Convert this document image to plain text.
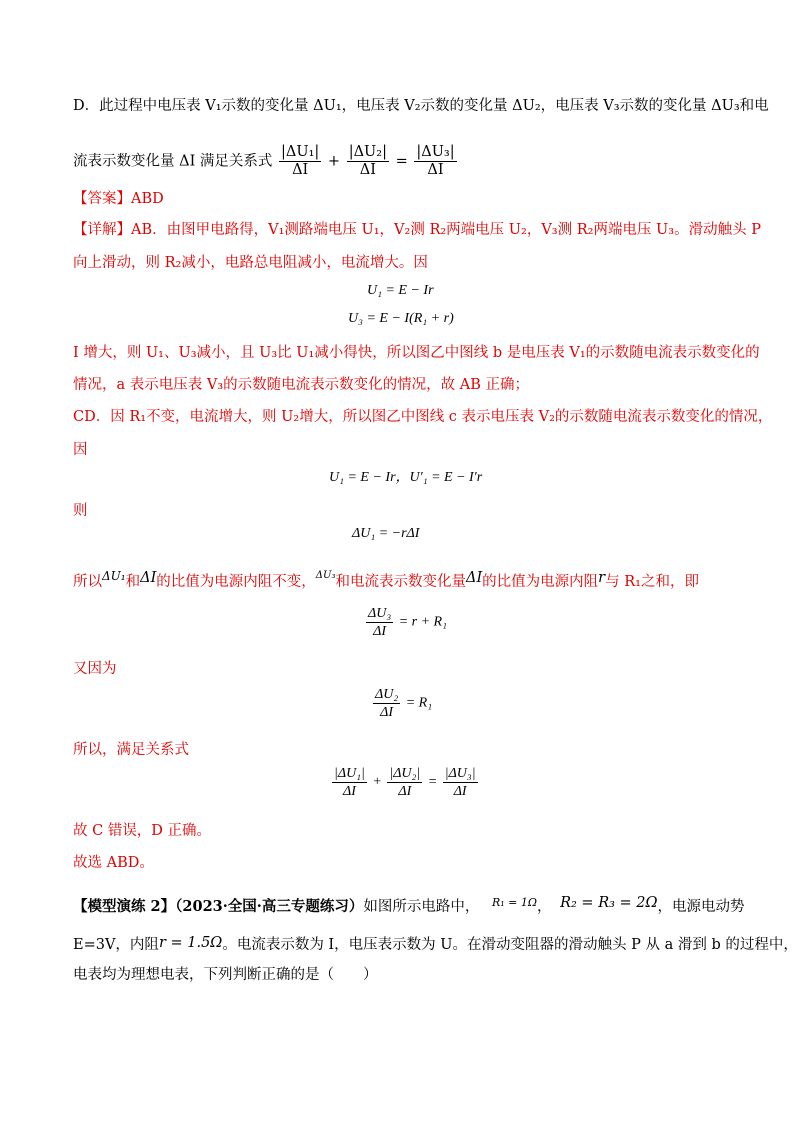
D．此过程中电压表 V₁示数的变化量 ΔU₁，电压表 V₂示数的变化量 ΔU₂，电压表 V₃示数的变化量 ΔU₃和电
流表示数变化量 ΔI 满足关系式 $\frac{\text{|ΔU₁|}}{\Delta I} + \frac{\text{|ΔU₂|}}{\Delta I} = \frac{\text{|ΔU₃|}}{\Delta I}$
【答案】ABD
【详解】AB．由图甲电路得，V₁测路端电压 U₁，V₂测 R₂两端电压 U₂，V₃测 R₂两端电压 U₃。滑动触头 P
向上滑动，则 R₂减小，电路总电阻减小，电流增大。因
U₁ = E − Ir
U₃ = E − I(R₁ + r)
I 增大，则 U₁、U₃减小，且 U₃比 U₁减小得快，所以图乙中图线 b 是电压表 V₁的示数随电流表示数变化的
情况，a 表示电压表 V₃的示数随电流表示数变化的情况，故 AB 正确；
CD．因 R₁不变，电流增大，则 U₂增大，所以图乙中图线 c 表示电压表 V₂的示数随电流表示数变化的情况，
因
U₁ = E − Ir，U′₁ = E − I′r
则
ΔU₁ = −rΔI
所以$^{\Delta U_1}$和ΔI的比值为电源内阻不变，$^{\Delta U_3}$和电流表示数变化量ΔI的比值为电源内阻r与 R₁之和，即
$\frac{\text{ΔU₃}}{\Delta I} = r + R_1$
又因为
$\frac{\text{ΔU₂}}{\Delta I} = R_1$
所以，满足关系式
$\frac{\text{|ΔU₁|}}{\Delta I} + \frac{\text{|ΔU₂|}}{\Delta I} = \frac{\text{|ΔU₃|}}{\Delta I}$
故 C 错误，D 正确。
故选 ABD。
【模型演练 2】（2023·全国·高三专题练习）如图所示电路中， $^{R_1 = 1\Omega}$， R₂ = R₃ = 2Ω，电源电动势
E=3V，内阻r = 1.5Ω。电流表示数为 I，电压表示数为 U。在滑动变阻器的滑动触头 P 从 a 滑到 b 的过程中，
电表均为理想电表，下列判断正确的是（　　）
